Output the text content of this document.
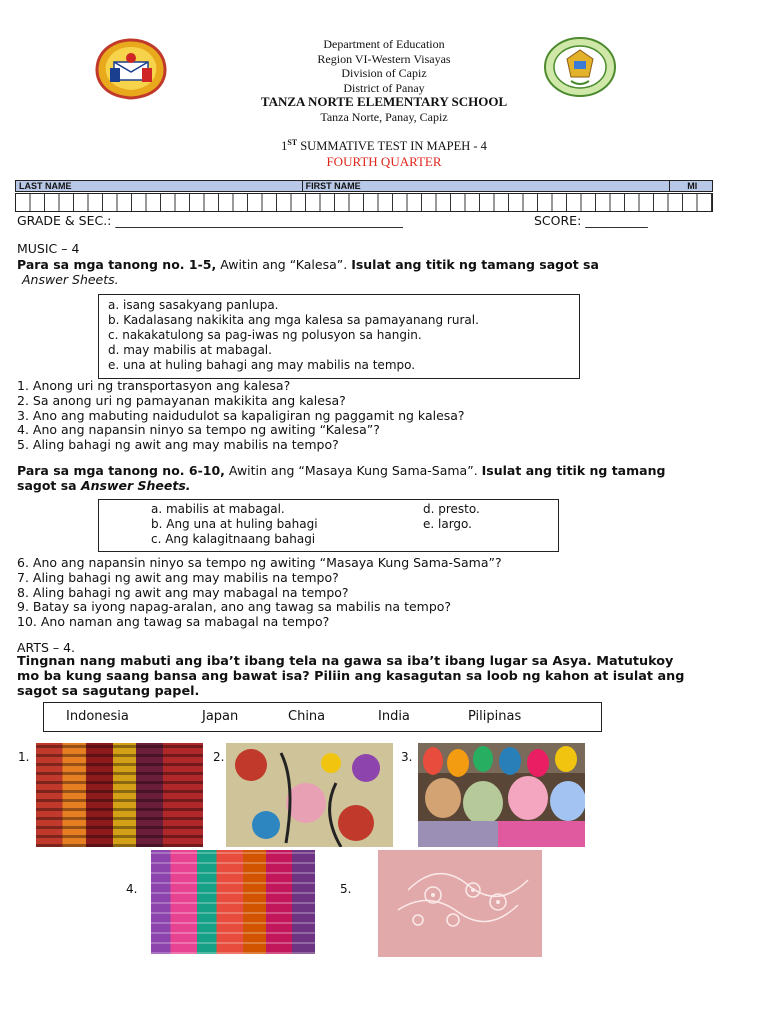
Department of Education
Region VI-Western Visayas
Division of Capiz
District of Panay
TANZA NORTE ELEMENTARY SCHOOL
Tanza Norte, Panay, Capiz
1ST SUMMATIVE TEST IN MAPEH - 4
FOURTH QUARTER
LAST NAME	FIRST NAME	MI
GRADE & SEC.: ______________________________________________	SCORE: __________
MUSIC – 4
Para sa mga tanong no. 1-5, Awitin ang “Kalesa”. Isulat ang titik ng tamang sagot sa
Answer Sheets.
a. isang sasakyang panlupa.
b. Kadalasang nakikita ang mga kalesa sa pamayanang rural.
c. nakakatulong sa pag-iwas ng polusyon sa hangin.
d. may mabilis at mabagal.
e. una at huling bahagi ang may mabilis na tempo.
1. Anong uri ng transportasyon ang kalesa?
2. Sa anong uri ng pamayanan makikita ang kalesa?
3. Ano ang mabuting naidudulot sa kapaligiran ng paggamit ng kalesa?
4. Ano ang napansin ninyo sa tempo ng awiting “Kalesa”?
5. Aling bahagi ng awit ang may mabilis na tempo?
Para sa mga tanong no. 6-10, Awitin ang “Masaya Kung Sama-Sama”. Isulat ang titik ng tamang
sagot sa Answer Sheets.
a. mabilis at mabagal.
b. Ang una at huling bahagi
c. Ang kalagitnaang bahagi
d. presto.
e. largo.
6. Ano ang napansin ninyo sa tempo ng awiting “Masaya Kung Sama-Sama”?
7. Aling bahagi ng awit ang may mabilis na tempo?
8. Aling bahagi ng awit ang may mabagal na tempo?
9. Batay sa iyong napag-aralan, ano ang tawag sa mabilis na tempo?
10. Ano naman ang tawag sa mabagal na tempo?
ARTS – 4.
Tingnan nang mabuti ang iba’t ibang tela na gawa sa iba’t ibang lugar sa Asya. Matutukoy
mo ba kung saang bansa ang bawat isa? Piliin ang kasagutan sa loob ng kahon at isulat ang
sagot sa sagutang papel.
Indonesia	Japan	China	India	Pilipinas
1.	2.	3.
4.	5.
